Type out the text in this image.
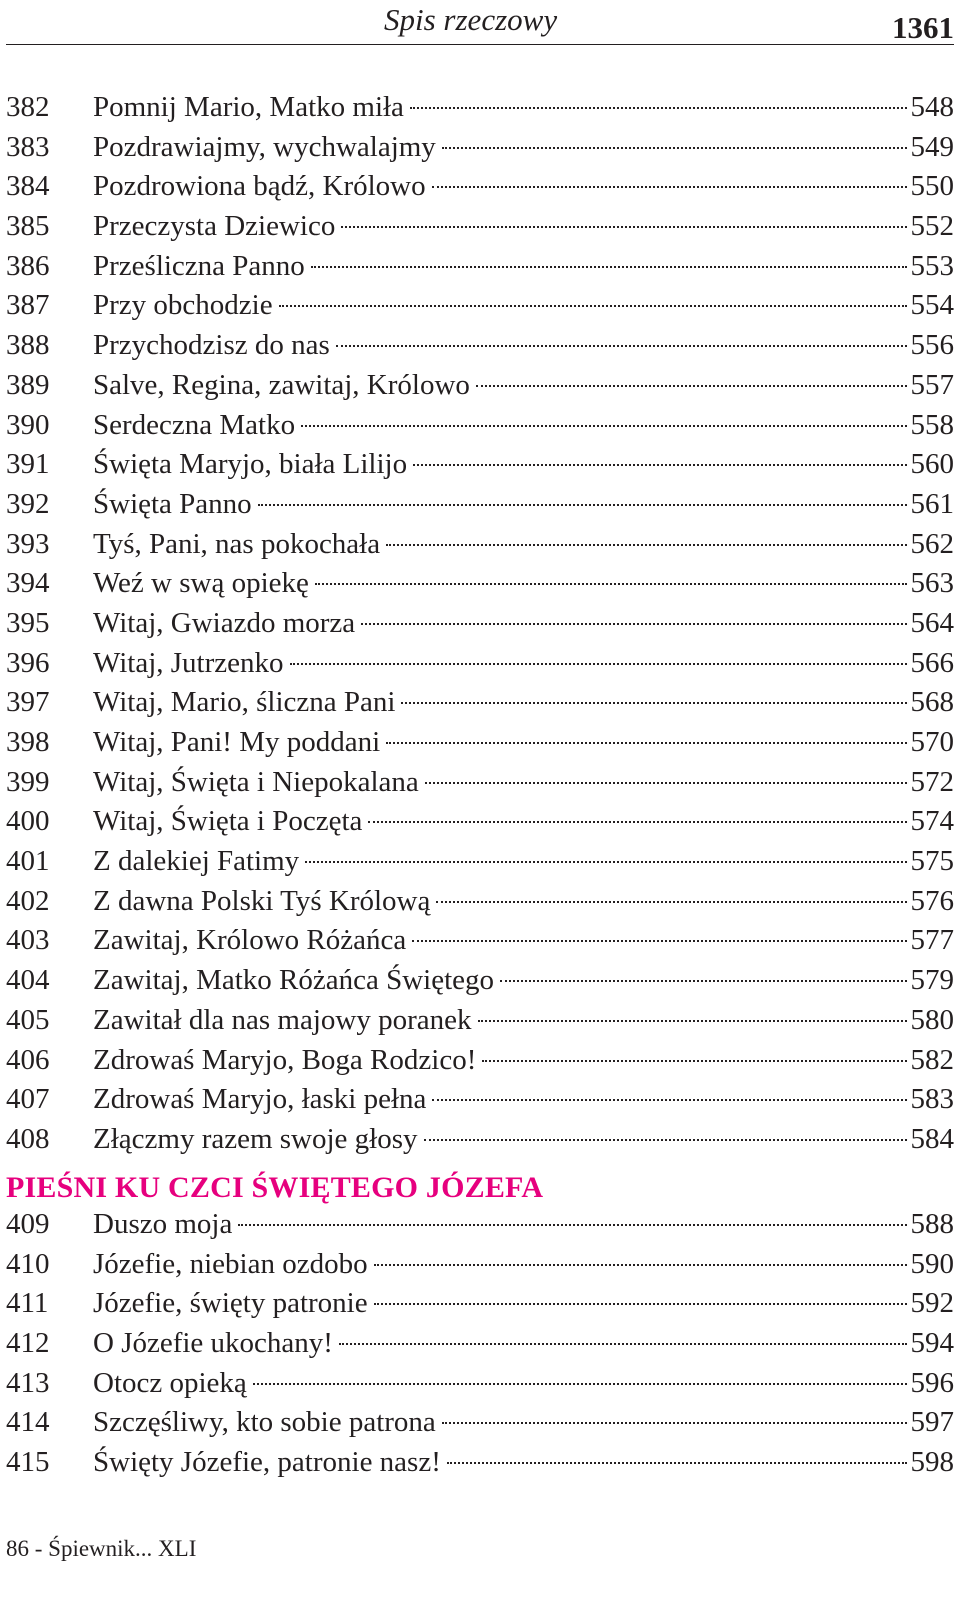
Spis rzeczowy	1361
382	Pomnij Mario, Matko miła	548
383	Pozdrawiajmy, wychwalajmy	549
384	Pozdrowiona bądź, Królowo	550
385	Przeczysta Dziewico	552
386	Prześliczna Panno	553
387	Przy obchodzie	554
388	Przychodzisz do nas	556
389	Salve, Regina, zawitaj, Królowo	557
390	Serdeczna Matko	558
391	Święta Maryjo, biała Lilijo	560
392	Święta Panno	561
393	Tyś, Pani, nas pokochała	562
394	Weź w swą opiekę	563
395	Witaj, Gwiazdo morza	564
396	Witaj, Jutrzenko	566
397	Witaj, Mario, śliczna Pani	568
398	Witaj, Pani! My poddani	570
399	Witaj, Święta i Niepokalana	572
400	Witaj, Święta i Poczęta	574
401	Z dalekiej Fatimy	575
402	Z dawna Polski Tyś Królową	576
403	Zawitaj, Królowo Różańca	577
404	Zawitaj, Matko Różańca Świętego	579
405	Zawitał dla nas majowy poranek	580
406	Zdrowaś Maryjo, Boga Rodzico!	582
407	Zdrowaś Maryjo, łaski pełna	583
408	Złączmy razem swoje głosy	584
PIEŚNI KU CZCI ŚWIĘTEGO JÓZEFA
409	Duszo moja	588
410	Józefie, niebian ozdobo	590
411	Józefie, święty patronie	592
412	O Józefie ukochany!	594
413	Otocz opieką	596
414	Szczęśliwy, kto sobie patrona	597
415	Święty Józefie, patronie nasz!	598
86 - Śpiewnik... XLI
